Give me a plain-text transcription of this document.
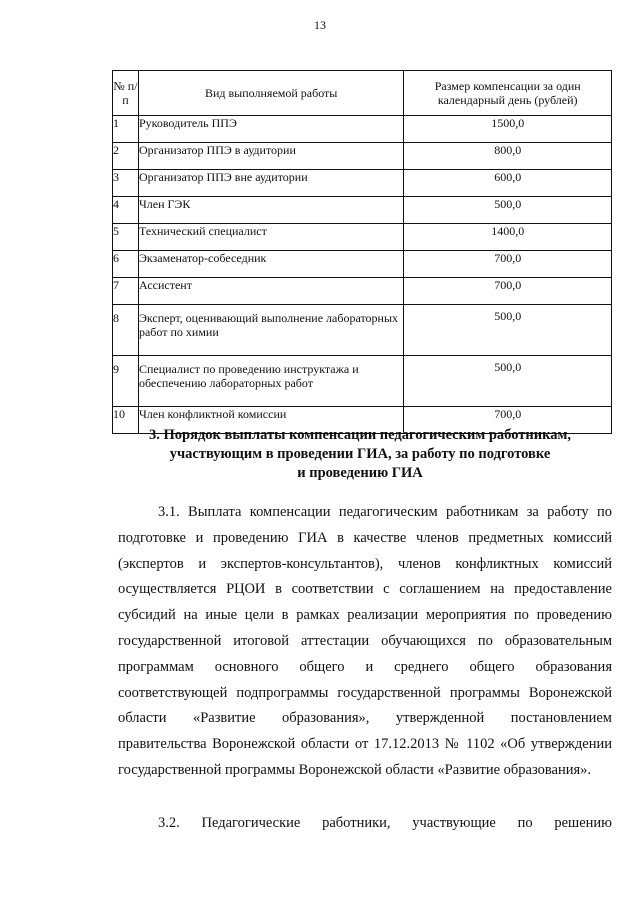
13
№ п/п	Вид выполняемой работы	Размер компенсации за один календарный день (рублей)
1	Руководитель ППЭ	1500,0
2	Организатор ППЭ в аудитории	800,0
3	Организатор ППЭ вне аудитории	600,0
4	Член ГЭК	500,0
5	Технический специалист	1400,0
6	Экзаменатор-собеседник	700,0
7	Ассистент	700,0
8	Эксперт, оценивающий выполнение лабораторных работ по химии	500,0
9	Специалист по проведению инструктажа и обеспечению лабораторных работ	500,0
10	Член конфликтной комиссии	700,0
3. Порядок выплаты компенсации педагогическим работникам,
участвующим в проведении ГИА, за работу по подготовке
и проведению ГИА
3.1. Выплата компенсации педагогическим работникам за работу по
подготовке и проведению ГИА в качестве членов предметных комиссий
(экспертов и экспертов-консультантов), членов конфликтных комиссий
осуществляется РЦОИ в соответствии с соглашением на предоставление
субсидий на иные цели в рамках реализации мероприятия по проведению
государственной итоговой аттестации обучающихся по образовательным
программам основного общего и среднего общего образования
соответствующей подпрограммы государственной программы Воронежской
области «Развитие образования», утвержденной постановлением
правительства Воронежской области от 17.12.2013 № 1102 «Об утверждении
государственной программы Воронежской области «Развитие образования».
3.2. Педагогические работники, участвующие по решению
